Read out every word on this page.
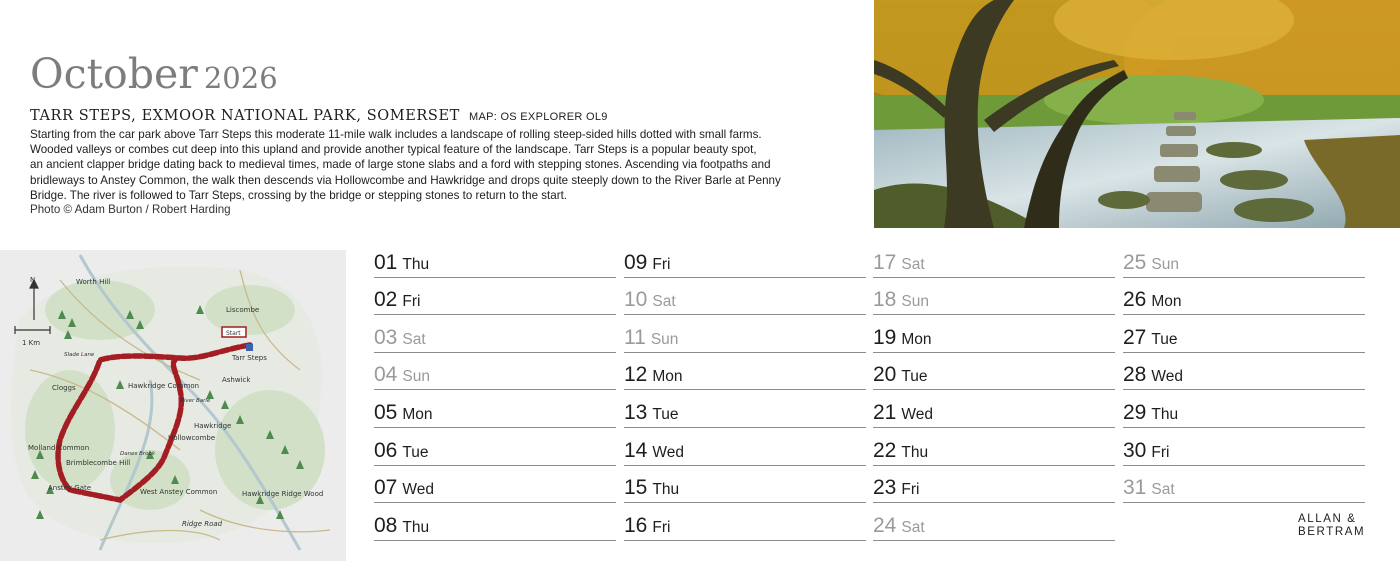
October 2026
TARR STEPS, EXMOOR NATIONAL PARK, SOMERSET MAP: OS EXPLORER OL9
Starting from the car park above Tarr Steps this moderate 11-mile walk includes a landscape of rolling steep-sided hills dotted with small farms.
Wooded valleys or combes cut deep into this upland and provide another typical feature of the landscape. Tarr Steps is a popular beauty spot,
an ancient clapper bridge dating back to medieval times, made of large stone slabs and a ford with stepping stones. Ascending via footpaths and
bridleways to Anstey Common, the walk then descends via Hollowcombe and Hawkridge and drops quite steeply down to the River Barle at Penny
Bridge. The river is followed to Tarr Steps, crossing by the bridge or stepping stones to return to the start.
Photo © Adam Burton / Robert Harding
N
1 Km
Worth Hill
Liscombe
Start
Tarr Steps
Ashwick
Hawkridge Common
Cloggs
Hawkridge
Hollowcombe
Molland Common
Brimblecombe Hill
Anstey Gate	West Anstey Common	Hawkridge Ridge Wood
Ridge Road
Danes Brook
River Barle
Slade Lane
01 Thu
02 Fri
03 Sat
04 Sun
05 Mon
06 Tue
07 Wed
08 Thu
09 Fri
10 Sat
11 Sun
12 Mon
13 Tue
14 Wed
15 Thu
16 Fri
17 Sat
18 Sun
19 Mon
20 Tue
21 Wed
22 Thu
23 Fri
24 Sat
25 Sun
26 Mon
27 Tue
28 Wed
29 Thu
30 Fri
31 Sat
ALLAN &
BERTRAM
